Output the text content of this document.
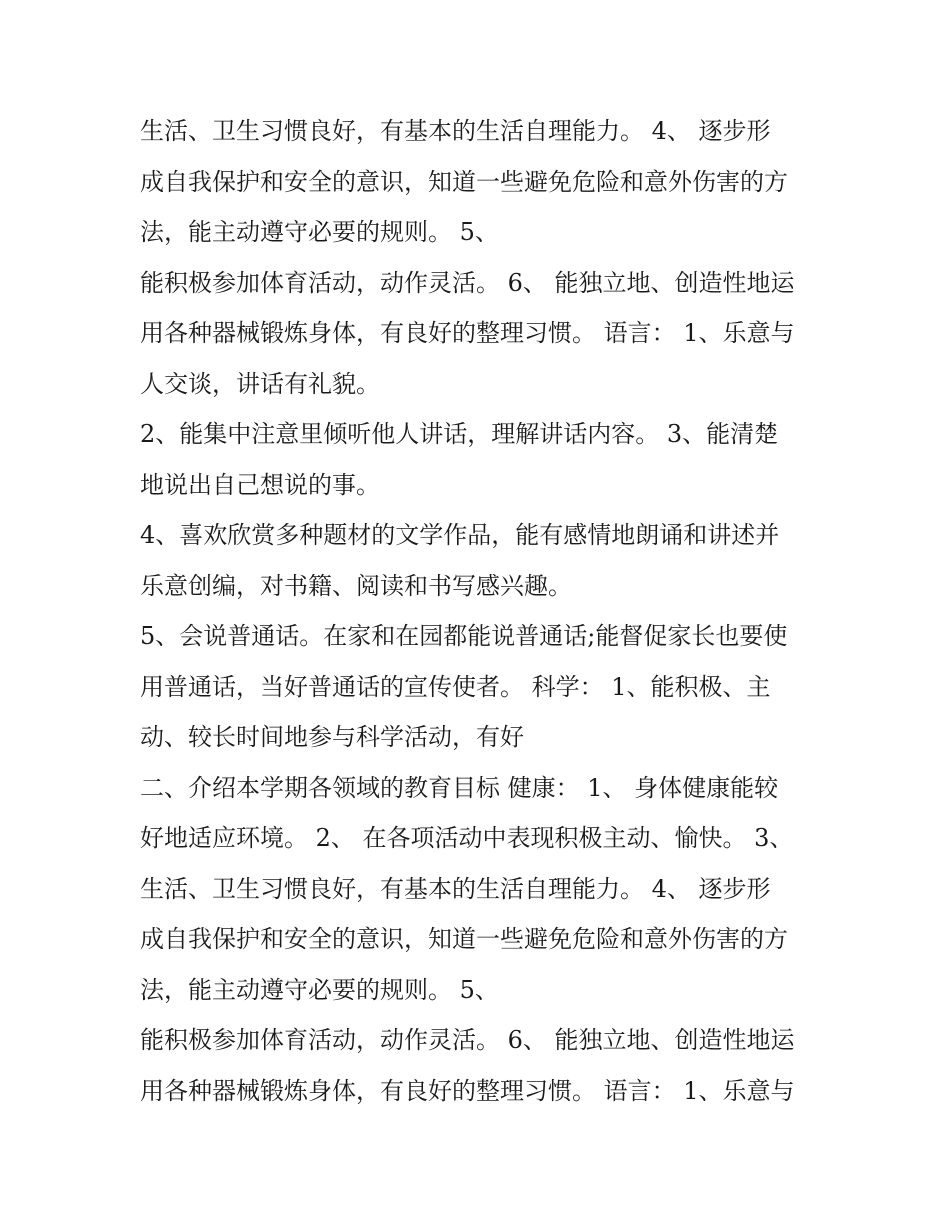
生活、卫生习惯良好，有基本的生活自理能力。 4、 逐步形
成自我保护和安全的意识，知道一些避免危险和意外伤害的方
法，能主动遵守必要的规则。 5、
能积极参加体育活动，动作灵活。 6、 能独立地、创造性地运
用各种器械锻炼身体，有良好的整理习惯。 语言： 1、乐意与
人交谈，讲话有礼貌。
2、能集中注意里倾听他人讲话，理解讲话内容。 3、能清楚
地说出自己想说的事。
4、喜欢欣赏多种题材的文学作品，能有感情地朗诵和讲述并
乐意创编，对书籍、阅读和书写感兴趣。
5、会说普通话。在家和在园都能说普通话;能督促家长也要使
用普通话，当好普通话的宣传使者。 科学： 1、能积极、主
动、较长时间地参与科学活动，有好
二、介绍本学期各领域的教育目标 健康： 1、 身体健康能较
好地适应环境。 2、 在各项活动中表现积极主动、愉快。 3、
生活、卫生习惯良好，有基本的生活自理能力。 4、 逐步形
成自我保护和安全的意识，知道一些避免危险和意外伤害的方
法，能主动遵守必要的规则。 5、
能积极参加体育活动，动作灵活。 6、 能独立地、创造性地运
用各种器械锻炼身体，有良好的整理习惯。 语言： 1、乐意与
